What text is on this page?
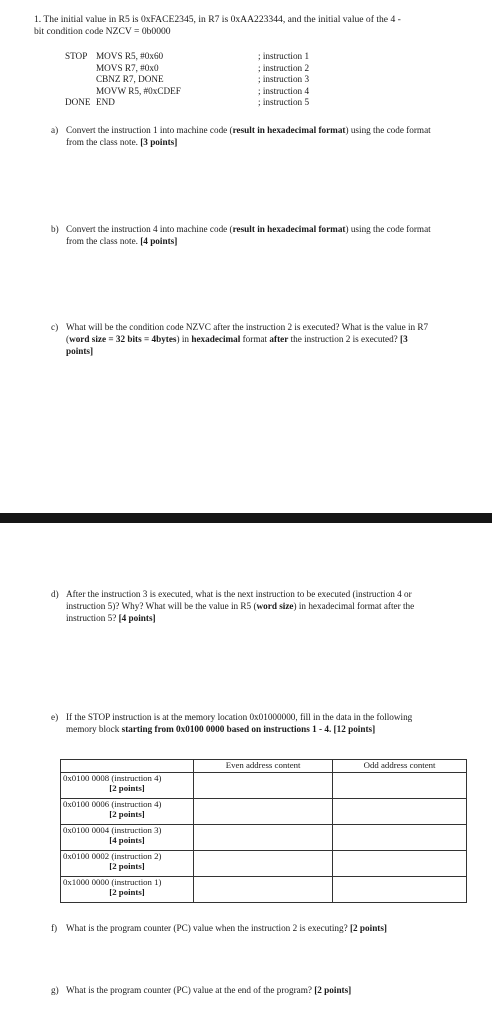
1. The initial value in R5 is 0xFACE2345, in R7 is 0xAA223344, and the initial value of the 4 -
bit condition code NZCV = 0b0000
STOP MOVS R5, #0x60	; instruction 1
MOVS R7, #0x0	; instruction 2
CBNZ R7, DONE	; instruction 3
MOVW R5, #0xCDEF	; instruction 4
DONE END	; instruction 5
a) Convert the instruction 1 into machine code (result in hexadecimal format) using the code format from the class note. [3 points]
b) Convert the instruction 4 into machine code (result in hexadecimal format) using the code format from the class note. [4 points]
c) What will be the condition code NZVC after the instruction 2 is executed? What is the value in R7 (word size = 32 bits = 4bytes) in hexadecimal format after the instruction 2 is executed? [3 points]
d) After the instruction 3 is executed, what is the next instruction to be executed (instruction 4 or instruction 5)? Why? What will be the value in R5 (word size) in hexadecimal format after the instruction 5? [4 points]
e) If the STOP instruction is at the memory location 0x01000000, fill in the data in the following memory block starting from 0x0100 0000 based on instructions 1 - 4. [12 points]
	Even address content	Odd address content

0x0100 0008 (instruction 4)
[2 points]		

0x0100 0006 (instruction 4)
[2 points]		

0x0100 0004 (instruction 3)
[4 points]		

0x0100 0002 (instruction 2)
[2 points]		

0x1000 0000 (instruction 1)
[2 points]		

f) What is the program counter (PC) value when the instruction 2 is executing? [2 points]
g) What is the program counter (PC) value at the end of the program? [2 points]
